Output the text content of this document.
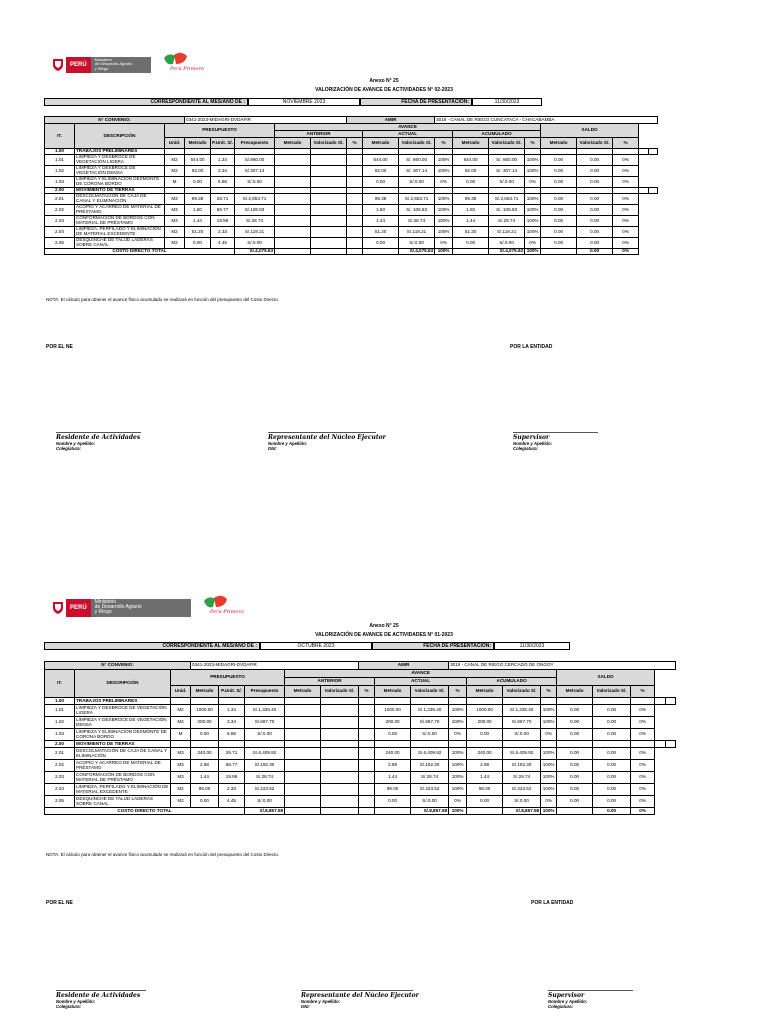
PERÚ
Ministerio
de Desarrollo Agrario
y Riego	Perú Primero
Anexo N° 25
VALORIZACIÓN DE AVANCE DE ACTIVIDADES N° 02-2023
CORRESPONDIENTE AL MES/AÑO DE :	NOVIEMBRE 2023	FECHA DE PRESENTACIÓN:	11/30/2023
N° CONVENIO:			0341-2023-MIDAGRI-DVDAFIR					AMIR			3018 - CANAL DE RIEGO CUNCATACA - CHACABAMBA								
IT.	DESCRIPCIÓN	PRESUPUESTO				AVANCE									SALDO				
						ANTERIOR			ACTUAL			ACUMULADO							
		Unid.	Metrado	P.Unit. S/.	Presupuesto	Metrado	Valorizado S/.	%	Metrado	Valorizado S/.	%	Metrado	Valorizado S/.	%	Metrado	Valorizado S/.	%		
1.00	TRABAJOS PRELIMINARES																		
1.01	LIMPIEZA Y DESBROCE DE VEGETACIÓN LIGERA	M2	644.00	1.34	S/.860.00				644.00	S/. 860.00	100%	644.00	S/. 860.00	100%	0.00	0.00	0%		
1.02	LIMPIEZA Y DESBROCE DE VEGETACIÓN DENSA	M2	92.00	3.34	S/.307.14				92.00	S/. 307.14	100%	92.00	S/. 307.14	100%	0.00	0.00	0%		
1.03	LIMPIEZA Y ELIMINACION DESMONTE DE CORONA BORDO	M	0.00	6.88	S/.0.00				0.00	S/.0.00	0%	0.00	S/.0.00	0%	0.00	0.00	0%		
2.00	MOVIMIENTO DE TIERRAS																		
2.01	DESCOLMATACIÓN DE CAJA DE CANAL Y ELIMINACIÓN	M3	99.38	26.71	S/.2,653.71				99.38	S/.2,653.71	100%	99.38	S/.2,653.71	100%	0.00	0.00	0%		
2.02	ACOPIO Y ACARREO DE MATERIAL DE PRÉSTAMO	M3	1.60	66.77	S/.106.83				1.60	S/. 106.83	100%	1.60	S/. 106.83	100%	0.00	0.00	0%		
2.03	CONFORMACIÓN DE BORDOS CON MATERIAL DE PRÉSTAMO	M3	1.44	19.96	S/.28.74				1.44	S/.28.74	100%	1.44	S/.28.74	100%	0.00	0.00	0%		
2.04	LIMPIEZA, PERFILADO Y ELIMINACIÓN DE MATERIAL EXCEDENTE	M2	51.20	2.33	S/.119.21				51.20	S/.119.21	100%	51.20	S/.119.21	100%	0.00	0.00	0%		
2.05	DESQUINCHE DE TALUD LADERAS SOBRE CANAL	M2	0.00	4.45	S/.0.00				0.00	S/.0.00	0%	0.00	S/.0.00	0%	0.00	0.00	0%		
COSTO DIRECTO TOTAL					S/.4,075.63					S/.4,075.63	100%		S/.4,075.63	100%		0.00	0%		
NOTA: El cálculo para obtener el avance físico acumulado se realizará en función del presupuesto del Costo Directo.
POR EL NE	POR LA ENTIDAD
Residente de Actividades
Nombre y Apellido:
Colegiatura:
Representante del Núcleo Ejecutor
Nombre y Apellido:
DNI:
Supervisor
Nombre y Apellido:
Colegiatura:
PERÚ
Ministerio
de Desarrollo Agrario
y Riego	Perú Primero
Anexo N° 25
VALORIZACIÓN DE AVANCE DE ACTIVIDADES N° 01-2023
CORRESPONDIENTE AL MES/AÑO DE :	OCTUBRE 2023	FECHA DE PRESENTACIÓN:	11/30/2023
N° CONVENIO:			0341-2023-MIDAGRI-DVDAFIR					AMIR			3019 - CANAL DE RIEGO CERCADO DE ONGOY								
IT.	DESCRIPCIÓN	PRESUPUESTO				AVANCE									SALDO				
						ANTERIOR			ACTUAL			ACUMULADO							
		Unid.	Metrado	P.Unit. S/.	Presupuesto	Metrado	Valorizado S/.	%	Metrado	Valorizado S/.	%	Metrado	Valorizado S/.	%	Metrado	Valorizado S/.	%		
1.00	TRABAJOS PRELIMINARES																		
1.01	LIMPIEZA Y DESBROCE DE VEGETACIÓN LIGERA	M2	1000.00	1.34	S/.1,335.40				1000.00	S/.1,335.40	100%	1000.00	S/.1,335.40	100%	0.00	0.00	0%		
1.02	LIMPIEZA Y DESBROCE DE VEGETACIÓN DENSA	M2	200.00	3.34	S/.667.70				200.00	S/.667.70	100%	200.00	S/.667.70	100%	0.00	0.00	0%		
1.03	LIMPIEZA Y ELIMINACION DESMONTE DE CORONA BORDO	M	0.00	6.88	S/.0.00				0.00	S/.0.00	0%	0.00	S/.0.00	0%	0.00	0.00	0%		
2.00	MOVIMIENTO DE TIERRAS																		
2.01	DESCOLMATACIÓN DE CAJA DE CANAL Y ELIMINACIÓN	M3	240.00	26.71	S/.6,409.92				240.00	S/.6,409.92	100%	240.00	S/.6,409.92	100%	0.00	0.00	0%		
2.02	ACOPIO Y ACARREO DE MATERIAL DE PRÉSTAMO	M3	2.88	66.77	S/.192.30				2.88	S/.192.30	100%	2.88	S/.192.30	100%	0.00	0.00	0%		
2.03	CONFORMACIÓN DE BORDOS CON MATERIAL DE PRÉSTAMO	M3	1.44	19.96	S/.28.74				1.44	S/.28.74	100%	1.44	S/.28.74	100%	0.00	0.00	0%		
2.04	LIMPIEZA, PERFILADO Y ELIMINACIÓN DE MATERIAL EXCEDENTE	M2	96.00	2.33	S/.223.52				96.00	S/.223.52	100%	96.00	S/.223.52	100%	0.00	0.00	0%		
2.05	DESQUINCHE DE TALUD LADERAS SOBRE CANAL	M2	0.00	4.45	S/.0.00				0.00	S/.0.00	0%	0.00	S/.0.00	0%	0.00	0.00	0%		
COSTO DIRECTO TOTAL					S/.8,857.58					S/.8,857.58	100%		S/.8,857.58	100%		0.00	0%		
NOTA: El cálculo para obtener el avance físico acumulado se realizará en función del presupuesto del Costo Directo.
POR EL NE	POR LA ENTIDAD
Residente de Actividades
Nombre y Apellido:
Colegiatura:
Representante del Núcleo Ejecutor
Nombre y Apellido:
DNI:
Supervisor
Nombre y Apellido:
Colegiatura:
